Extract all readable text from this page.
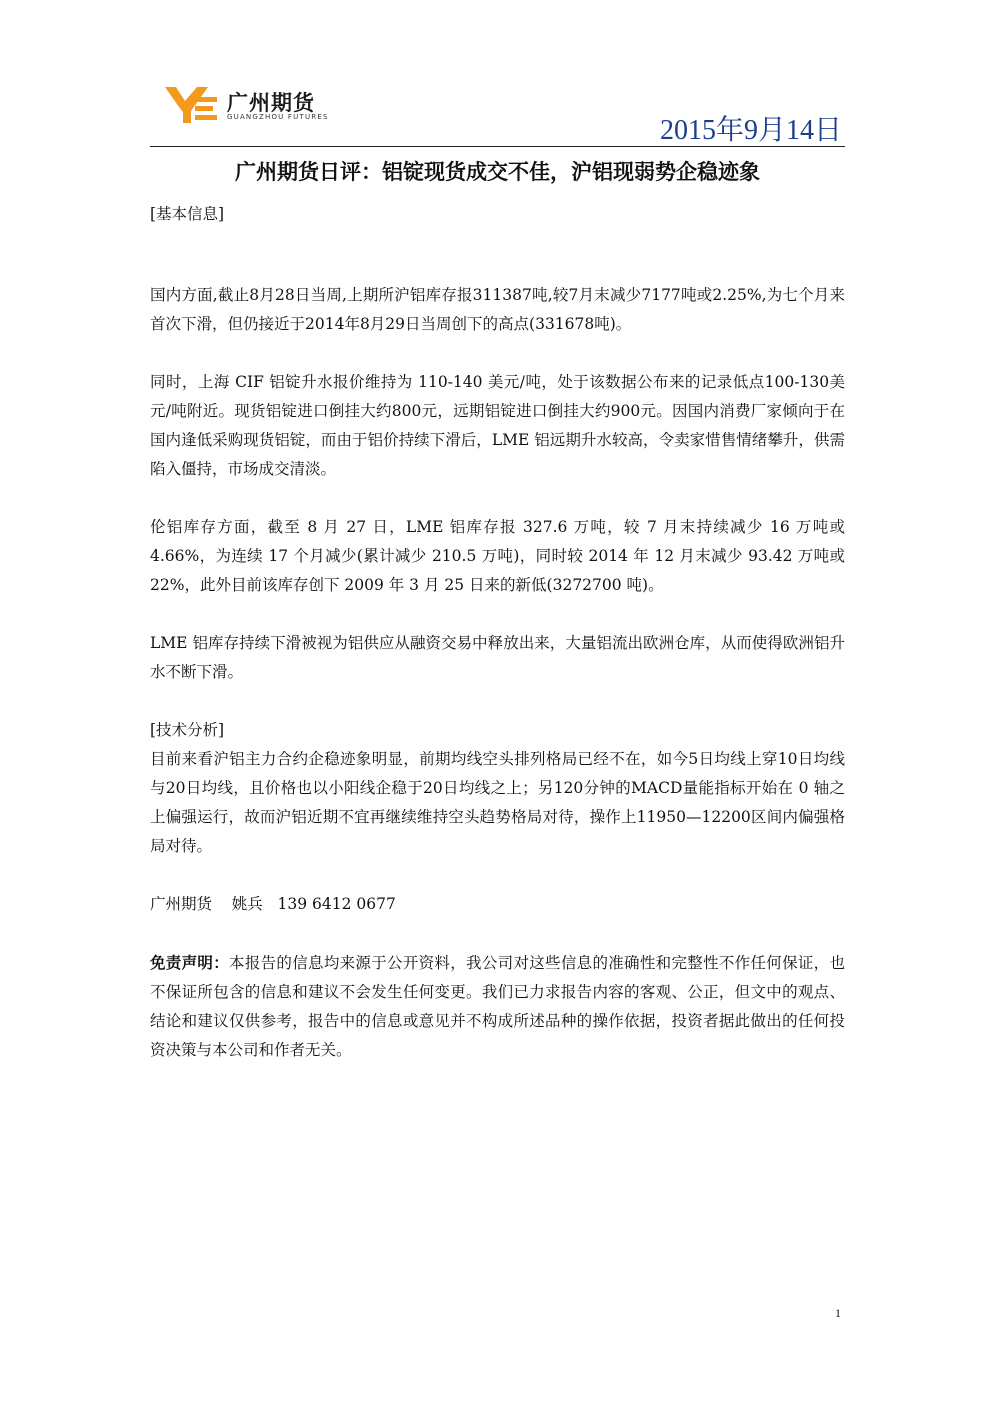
广州期货
GUANGZHOU FUTURES	2015年9月14日
广州期货日评：铝锭现货成交不佳，沪铝现弱势企稳迹象

[基本信息]

国内方面,截止8月28日当周,上期所沪铝库存报311387吨,较7月末减少7177吨或2.25%,为七个月来首次下滑，但仍接近于2014年8月29日当周创下的高点(331678吨)。

同时，上海 CIF 铝锭升水报价维持为 110-140 美元/吨，处于该数据公布来的记录低点100-130美元/吨附近。现货铝锭进口倒挂大约800元，远期铝锭进口倒挂大约900元。因国内消费厂家倾向于在国内逢低采购现货铝锭，而由于铝价持续下滑后，LME 铝远期升水较高，令卖家惜售情绪攀升，供需陷入僵持，市场成交清淡。

伦铝库存方面，截至 8 月 27 日，LME 铝库存报 327.6 万吨，较 7 月末持续减少 16 万吨或4.66%，为连续 17 个月减少(累计减少 210.5 万吨)，同时较 2014 年 12 月末减少 93.42 万吨或 22%，此外目前该库存创下 2009 年 3 月 25 日来的新低(3272700 吨)。

LME 铝库存持续下滑被视为铝供应从融资交易中释放出来，大量铝流出欧洲仓库，从而使得欧洲铝升水不断下滑。

[技术分析]

目前来看沪铝主力合约企稳迹象明显，前期均线空头排列格局已经不在，如今5日均线上穿10日均线与20日均线，且价格也以小阳线企稳于20日均线之上；另120分钟的MACD量能指标开始在 0 轴之上偏强运行，故而沪铝近期不宜再继续维持空头趋势格局对待，操作上11950—12200区间内偏强格局对待。

广州期货    姚兵   139 6412 0677

免责声明：本报告的信息均来源于公开资料，我公司对这些信息的准确性和完整性不作任何保证，也不保证所包含的信息和建议不会发生任何变更。我们已力求报告内容的客观、公正，但文中的观点、结论和建议仅供参考，报告中的信息或意见并不构成所述品种的操作依据，投资者据此做出的任何投资决策与本公司和作者无关。

1
